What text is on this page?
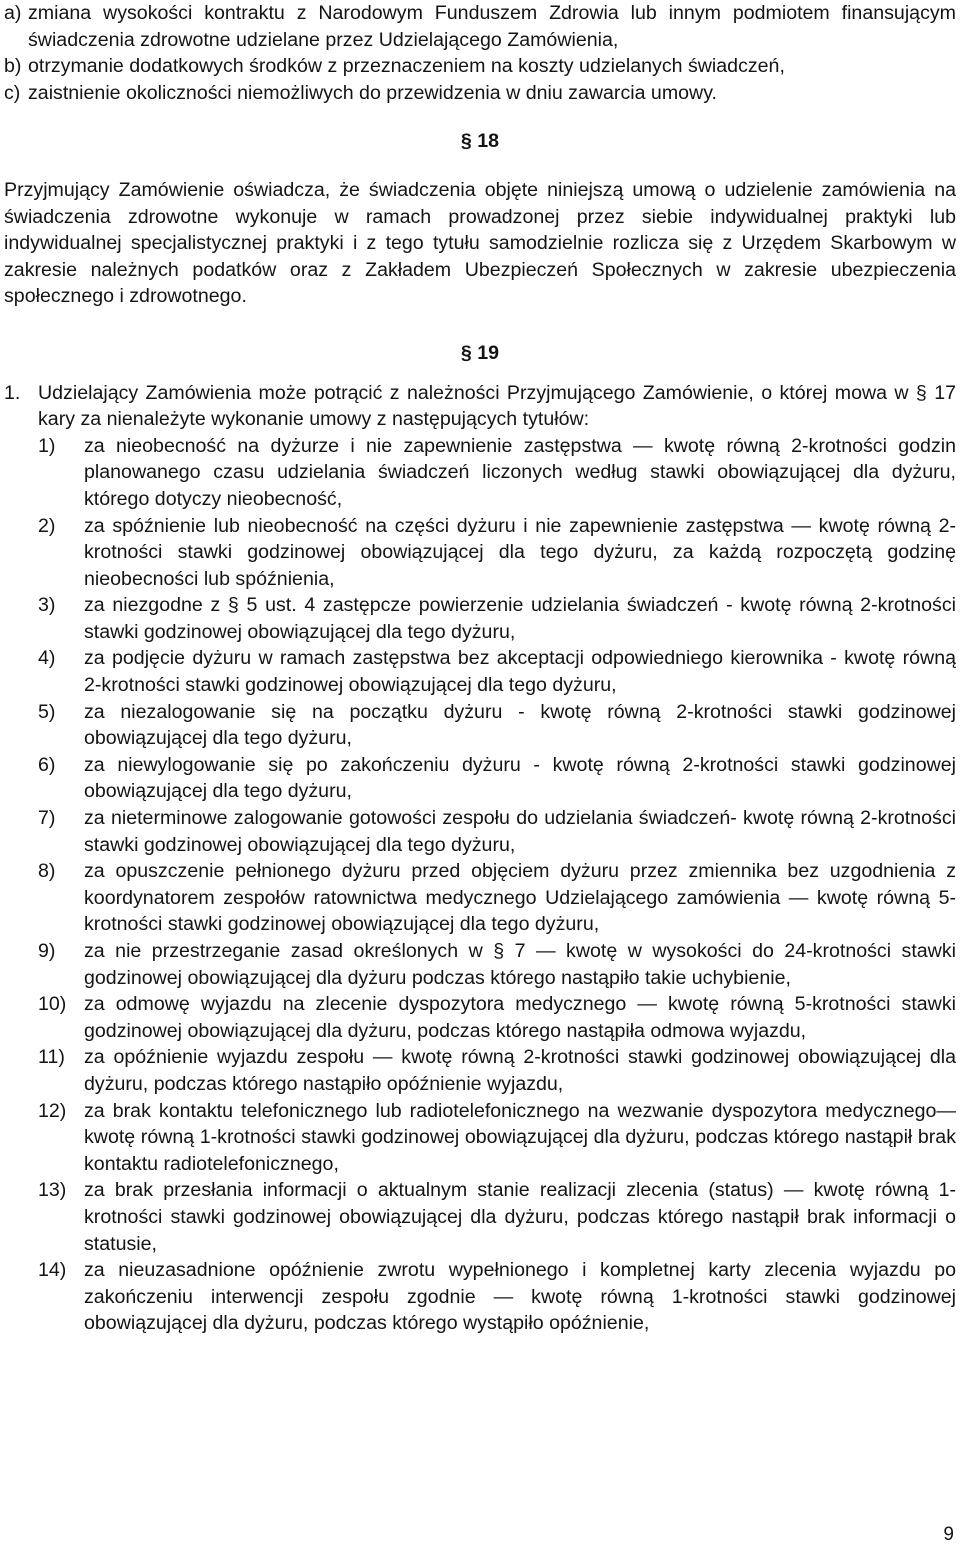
a) zmiana wysokości kontraktu z Narodowym Funduszem Zdrowia lub innym podmiotem finansującym świadczenia zdrowotne udzielane przez Udzielającego Zamówienia,
b) otrzymanie dodatkowych środków z przeznaczeniem na koszty udzielanych świadczeń,
c) zaistnienie okoliczności niemożliwych do przewidzenia w dniu zawarcia umowy.
§ 18

Przyjmujący Zamówienie oświadcza, że świadczenia objęte niniejszą umową o udzielenie zamówienia na świadczenia zdrowotne wykonuje w ramach prowadzonej przez siebie indywidualnej praktyki lub indywidualnej specjalistycznej praktyki i z tego tytułu samodzielnie rozlicza się z Urzędem Skarbowym w zakresie należnych podatków oraz z Zakładem Ubezpieczeń Społecznych w zakresie ubezpieczenia społecznego i zdrowotnego.

§ 19
1. Udzielający Zamówienia może potrącić z należności Przyjmującego Zamówienie, o której mowa w § 17 kary za nienależyte wykonanie umowy z następujących tytułów:
1)	za nieobecność na dyżurze i nie zapewnienie zastępstwa — kwotę równą 2-krotności godzin planowanego czasu udzielania świadczeń liczonych według stawki obowiązującej dla dyżuru, którego dotyczy nieobecność,
2)	za spóźnienie lub nieobecność na części dyżuru i nie zapewnienie zastępstwa — kwotę równą 2-krotności stawki godzinowej obowiązującej dla tego dyżuru, za każdą rozpoczętą godzinę nieobecności lub spóźnienia,
3)	za niezgodne z § 5 ust. 4 zastępcze powierzenie udzielania świadczeń - kwotę równą 2-krotności stawki godzinowej obowiązującej dla tego dyżuru,
4)	za podjęcie dyżuru w ramach zastępstwa bez akceptacji odpowiedniego kierownika - kwotę równą 2-krotności stawki godzinowej obowiązującej dla tego dyżuru,
5)	za niezalogowanie się na początku dyżuru - kwotę równą 2-krotności stawki godzinowej obowiązującej dla tego dyżuru,
6)	za niewylogowanie się po zakończeniu dyżuru - kwotę równą 2-krotności stawki godzinowej obowiązującej dla tego dyżuru,
7)	za nieterminowe zalogowanie gotowości zespołu do udzielania świadczeń- kwotę równą 2-krotności stawki godzinowej obowiązującej dla tego dyżuru,
8)	za opuszczenie pełnionego dyżuru przed objęciem dyżuru przez zmiennika bez uzgodnienia z koordynatorem zespołów ratownictwa medycznego Udzielającego zamówienia — kwotę równą 5-krotności stawki godzinowej obowiązującej dla tego dyżuru,
9)	za nie przestrzeganie zasad określonych w § 7 — kwotę w wysokości do 24-krotności stawki godzinowej obowiązującej dla dyżuru podczas którego nastąpiło takie uchybienie,
10) za odmowę wyjazdu na zlecenie dyspozytora medycznego — kwotę równą 5-krotności stawki godzinowej obowiązującej dla dyżuru, podczas którego nastąpiła odmowa wyjazdu,
11) za opóźnienie wyjazdu zespołu — kwotę równą 2-krotności stawki godzinowej obowiązującej dla dyżuru, podczas którego nastąpiło opóźnienie wyjazdu,
12) za brak kontaktu telefonicznego lub radiotelefonicznego na wezwanie dyspozytora medycznego— kwotę równą 1-krotności stawki godzinowej obowiązującej dla dyżuru, podczas którego nastąpił brak kontaktu radiotelefonicznego,
13) za brak przesłania informacji o aktualnym stanie realizacji zlecenia (status) — kwotę równą 1-krotności stawki godzinowej obowiązującej dla dyżuru, podczas którego nastąpił brak informacji o statusie,
14) za nieuzasadnione opóźnienie zwrotu wypełnionego i kompletnej karty zlecenia wyjazdu po zakończeniu interwencji zespołu zgodnie — kwotę równą 1-krotności stawki godzinowej obowiązującej dla dyżuru, podczas którego wystąpiło opóźnienie,
9
